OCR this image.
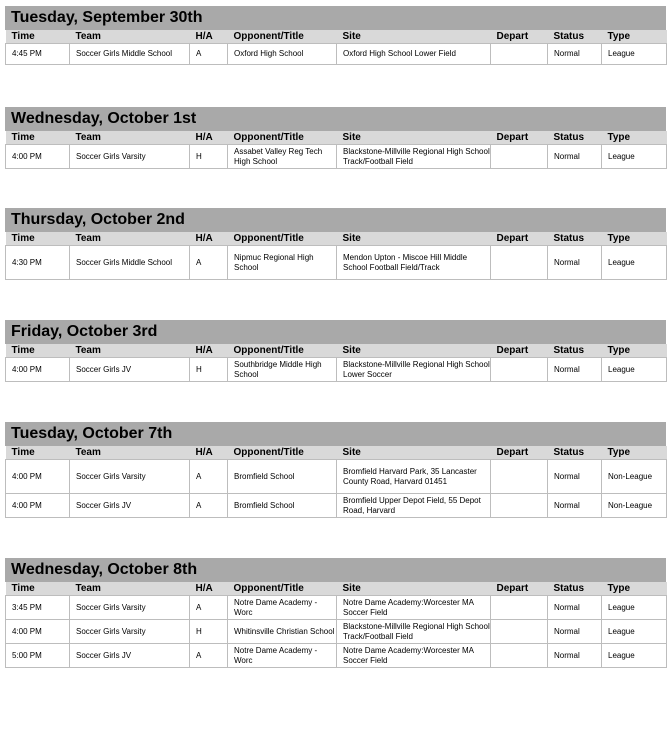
Tuesday, September 30th
Time	Team	H/A	Opponent/Title	Site	Depart	Status	Type
4:45 PM	Soccer Girls Middle School	A	Oxford High School	Oxford High School Lower Field		Normal	League
Wednesday, October 1st
Time	Team	H/A	Opponent/Title	Site	Depart	Status	Type
4:00 PM	Soccer Girls Varsity	H	Assabet Valley Reg Tech High School	Blackstone-Millville Regional High School Track/Football Field		Normal	League
Thursday, October 2nd
Time	Team	H/A	Opponent/Title	Site	Depart	Status	Type
4:30 PM	Soccer Girls Middle School	A	Nipmuc Regional High School	Mendon Upton - Miscoe Hill Middle School Football Field/Track		Normal	League
Friday, October 3rd
Time	Team	H/A	Opponent/Title	Site	Depart	Status	Type
4:00 PM	Soccer Girls JV	H	Southbridge Middle High School	Blackstone-Millville Regional High School Lower Soccer		Normal	League
Tuesday, October 7th
Time	Team	H/A	Opponent/Title	Site	Depart	Status	Type
4:00 PM	Soccer Girls Varsity	A	Bromfield School	Bromfield Harvard Park, 35 Lancaster County Road, Harvard 01451		Normal	Non-League
4:00 PM	Soccer Girls JV	A	Bromfield School	Bromfield Upper Depot Field, 55 Depot Road, Harvard		Normal	Non-League
Wednesday, October 8th
Time	Team	H/A	Opponent/Title	Site	Depart	Status	Type
3:45 PM	Soccer Girls Varsity	A	Notre Dame Academy - Worc	Notre Dame Academy:Worcester MA Soccer Field		Normal	League
4:00 PM	Soccer Girls Varsity	H	Whitinsville Christian School	Blackstone-Millville Regional High School Track/Football Field		Normal	League
5:00 PM	Soccer Girls JV	A	Notre Dame Academy - Worc	Notre Dame Academy:Worcester MA Soccer Field		Normal	League
